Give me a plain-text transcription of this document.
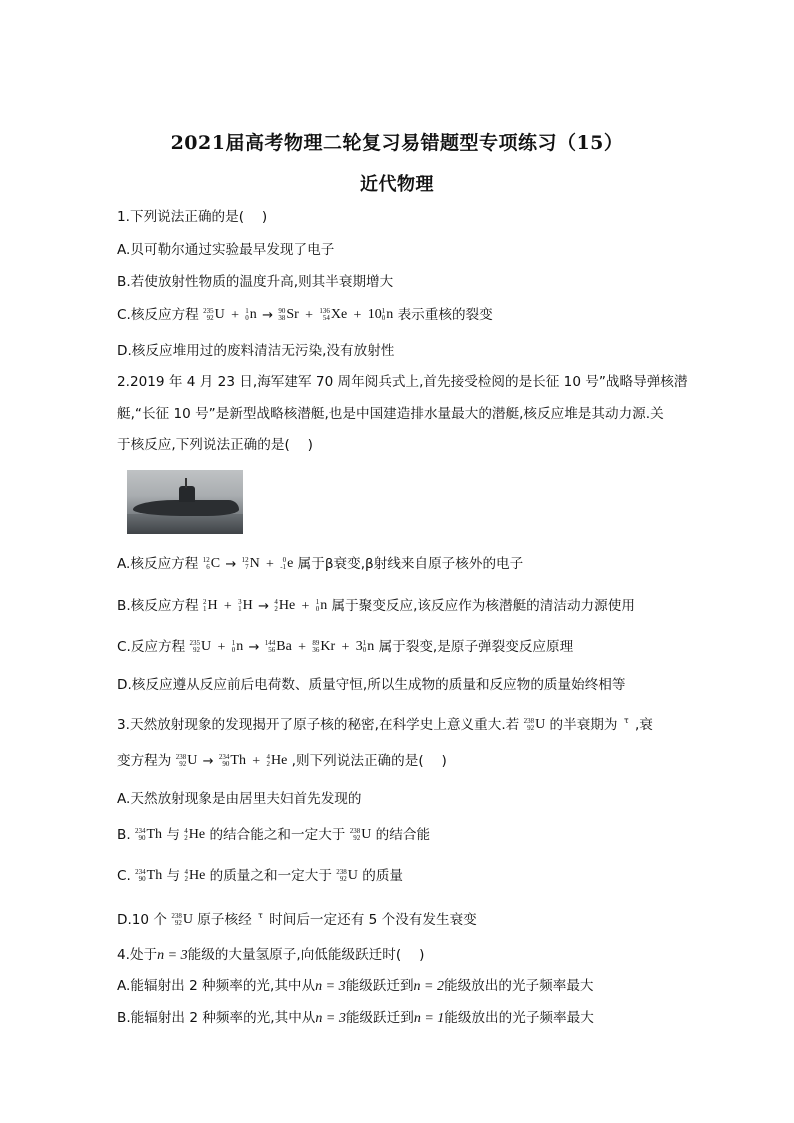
2021届高考物理二轮复习易错题型专项练习（15）
近代物理
1.下列说法正确的是(　 )
A.贝可勒尔通过实验最早发现了电子
B.若使放射性物质的温度升高,则其半衰期增大
C.核反应方程 235
92 U + 1
0 n → 90
38 Sr + 136
54 Xe + 10 1
0 n 表示重核的裂变
D.核反应堆用过的废料清洁无污染,没有放射性
2.2019 年 4 月 23 日,海军建军 70 周年阅兵式上,首先接受检阅的是长征 10 号”战略导弹核潜
艇,“长征 10 号”是新型战略核潜艇,也是中国建造排水量最大的潜艇,核反应堆是其动力源.关
于核反应,下列说法正确的是(　 )
A.核反应方程 12
6 C → 12
7 N +	0
-1 e 属于β衰变,β射线来自原子核外的电子
B.核反应方程 2
1 H + 3
1 H → 4
2 He + 1
0 n 属于聚变反应,该反应作为核潜艇的清洁动力源使用
C.反应方程 235
92 U + 1
0 n → 144
56 Ba + 89
36 Kr + 3 1
0 n 属于裂变,是原子弹裂变反应原理
D.核反应遵从反应前后电荷数、质量守恒,所以生成物的质量和反应物的质量始终相等
3.天然放射现象的发现揭开了原子核的秘密,在科学史上意义重大.若 238
92 U 的半衰期为 $^\tau$ ,衰
变方程为 238
92 U → 234
90 Th + 4
2 He ,则下列说法正确的是(　 )
A.天然放射现象是由居里夫妇首先发现的
B. 234
90 Th 与 4
2 He 的结合能之和一定大于 238
92 U 的结合能
C. 234
90 Th 与 4
2 He 的质量之和一定大于 238
92 U 的质量
D.10 个 238
92 U 原子核经 $^\tau$ 时间后一定还有 5 个没有发生衰变
4.处于n = 3能级的大量氢原子,向低能级跃迁时(　 )
A.能辐射出 2 种频率的光,其中从n = 3能级跃迁到n = 2能级放出的光子频率最大
B.能辐射出 2 种频率的光,其中从n = 3能级跃迁到n = 1能级放出的光子频率最大
